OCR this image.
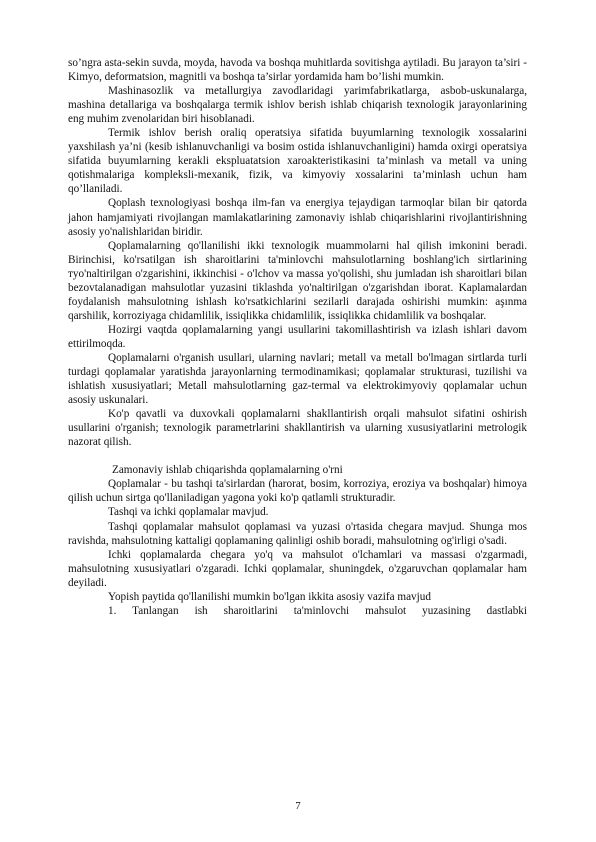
so’ngra asta-sekin suvda, moyda, havoda va boshqa muhitlarda sovitishga aytiladi. Bu jarayon ta’siri - Kimyo, deformatsion, magnitli va boshqa ta’sirlar yordamida ham bo’lishi mumkin.

Mashinasozlik va metallurgiya zavodlaridagi yarimfabrikatlarga, asbob-uskunalarga, mashina detallariga va boshqalarga termik ishlov berish ishlab chiqarish texnologik jarayonlarining eng muhim zvenolaridan biri hisoblanadi.

Termik ishlov berish oraliq operatsiya sifatida buyumlarning texnologik xossalarini yaxshilash ya’ni (kesib ishlanuvchanligi va bosim ostida ishlanuvchanligini) hamda oxirgi operatsiya sifatida buyumlarning kerakli ekspluatatsion xaroakteristikasini ta’minlash va metall va uning qotishmalariga kompleksli-mexanik, fizik, va kimyoviy xossalarini ta’minlash uchun ham qo’llaniladi.

Qoplash texnologiyasi boshqa ilm-fan va energiya tejaydigan tarmoqlar bilan bir qatorda jahon hamjamiyati rivojlangan mamlakatlarining zamonaviy ishlab chiqarishlarini rivojlantirishning asosiy yo'nalishlaridan biridir.

Qoplamalarning qo'llanilishi ikki texnologik muammolarni hal qilish imkonini beradi. Birinchisi, ko'rsatilgan ish sharoitlarini ta'minlovchi mahsulotlarning boshlang'ich sirtlarining тyo'naltirilgan o'zgarishini, ikkinchisi - o'lchov va massa yo'qolishi, shu jumladan ish sharoitlari bilan bezovtalanadigan mahsulotlar yuzasini tiklashda yo'naltirilgan o'zgarishdan iborat. Kaplamalardan foydalanish mahsulotning ishlash ko'rsatkichlarini sezilarli darajada oshirishi mumkin: aşınma qarshilik, korroziyaga chidamlilik, issiqlikka chidamlilik, issiqlikka chidamlilik va boshqalar.

Hozirgi vaqtda qoplamalarning yangi usullarini takomillashtirish va izlash ishlari davom ettirilmoqda.

Qoplamalarni o'rganish usullari, ularning navlari; metall va metall bo'lmagan sirtlarda turli turdagi qoplamalar yaratishda jarayonlarning termodinamikasi; qoplamalar strukturasi, tuzilishi va ishlatish xususiyatlari; Metall mahsulotlarning gaz-termal va elektrokimyoviy qoplamalar uchun asosiy uskunalari.

Ko'p qavatli va duxovkali qoplamalarni shakllantirish orqali mahsulot sifatini oshirish usullarini o'rganish; texnologik parametrlarini shakllantirish va ularning xususiyatlarini metrologik nazorat qilish.

Zamonaviy ishlab chiqarishda qoplamalarning o'rni

Qoplamalar - bu tashqi ta'sirlardan (harorat, bosim, korroziya, eroziya va boshqalar) himoya qilish uchun sirtga qo'llaniladigan yagona yoki ko'p qatlamli strukturadir.

Tashqi va ichki qoplamalar mavjud.

Tashqi qoplamalar mahsulot qoplamasi va yuzasi o'rtasida chegara mavjud. Shunga mos ravishda, mahsulotning kattaligi qoplamaning qalinligi oshib boradi, mahsulotning og'irligi o'sadi.

Ichki qoplamalarda chegara yo'q va mahsulot o'lchamlari va massasi o'zgarmadi, mahsulotning xususiyatlari o'zgaradi. Ichki qoplamalar, shuningdek, o'zgaruvchan qoplamalar ham deyiladi.

Yopish paytida qo'llanilishi mumkin bo'lgan ikkita asosiy vazifa mavjud

1. Tanlangan ish sharoitlarini ta'minlovchi mahsulot yuzasining dastlabki

7
